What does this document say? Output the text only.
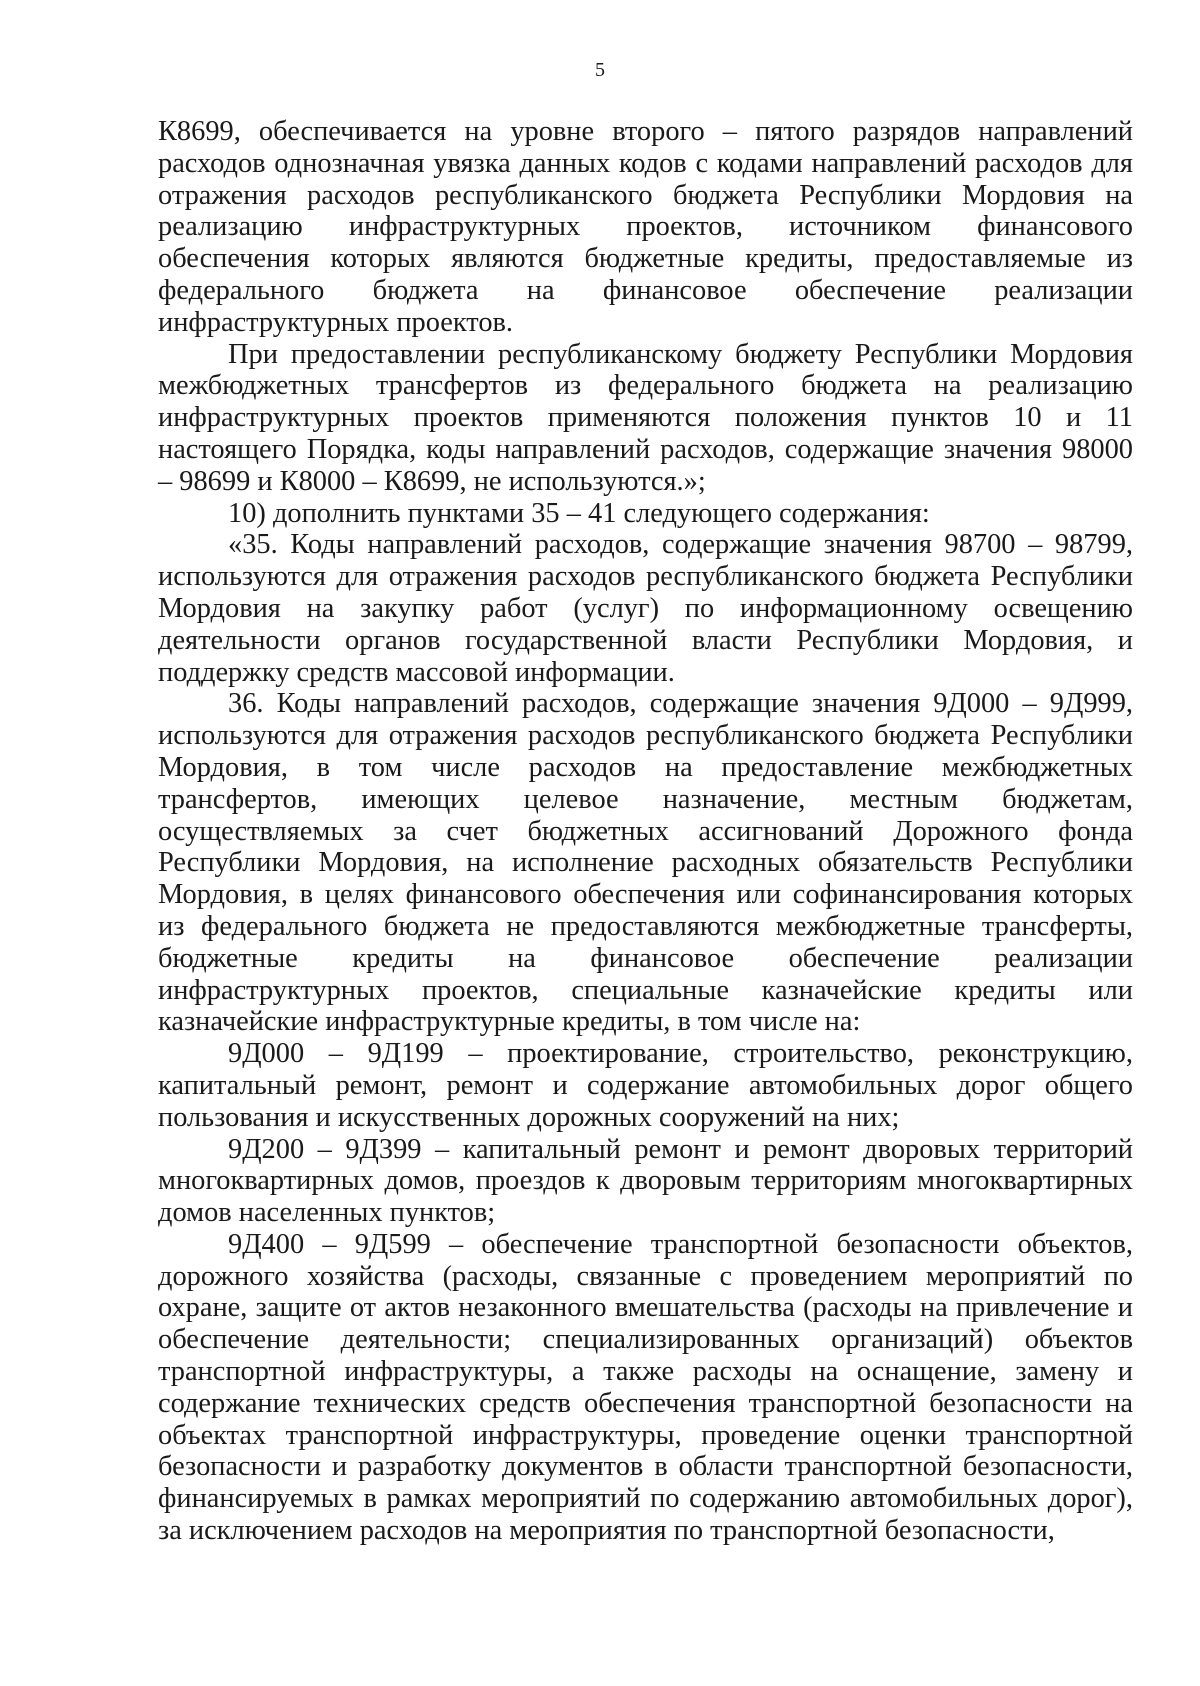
5

К8699, обеспечивается на уровне второго – пятого разрядов направлений расходов однозначная увязка данных кодов с кодами направлений расходов для отражения расходов республиканского бюджета Республики Мордовия на реализацию инфраструктурных проектов, источником финансового обеспечения которых являются бюджетные кредиты, предоставляемые из федерального бюджета на финансовое обеспечение реализации инфраструктурных проектов.

При предоставлении республиканскому бюджету Республики Мордовия межбюджетных трансфертов из федерального бюджета на реализацию инфраструктурных проектов применяются положения пунктов 10 и 11 настоящего Порядка, коды направлений расходов, содержащие значения 98000 – 98699 и К8000 – К8699, не используются.»;

10) дополнить пунктами 35 – 41 следующего содержания:

«35. Коды направлений расходов, содержащие значения 98700 – 98799, используются для отражения расходов республиканского бюджета Республики Мордовия на закупку работ (услуг) по информационному освещению деятельности органов государственной власти Республики Мордовия, и поддержку средств массовой информации.

36. Коды направлений расходов, содержащие значения 9Д000 – 9Д999, используются для отражения расходов республиканского бюджета Республики Мордовия, в том числе расходов на предоставление межбюджетных трансфертов, имеющих целевое назначение, местным бюджетам, осуществляемых за счет бюджетных ассигнований Дорожного фонда Республики Мордовия, на исполнение расходных обязательств Республики Мордовия, в целях финансового обеспечения или софинансирования которых из федерального бюджета не предоставляются межбюджетные трансферты, бюджетные кредиты на финансовое обеспечение реализации инфраструктурных проектов, специальные казначейские кредиты или казначейские инфраструктурные кредиты, в том числе на:

9Д000 – 9Д199 – проектирование, строительство, реконструкцию, капитальный ремонт, ремонт и содержание автомобильных дорог общего пользования и искусственных дорожных сооружений на них;

9Д200 – 9Д399 – капитальный ремонт и ремонт дворовых территорий многоквартирных домов, проездов к дворовым территориям многоквартирных домов населенных пунктов;

9Д400 – 9Д599 – обеспечение транспортной безопасности объектов, дорожного хозяйства (расходы, связанные с проведением мероприятий по охране, защите от актов незаконного вмешательства (расходы на привлечение и обеспечение деятельности; специализированных организаций) объектов транспортной инфраструктуры, а также расходы на оснащение, замену и содержание технических средств обеспечения транспортной безопасности на объектах транспортной инфраструктуры, проведение оценки транспортной безопасности и разработку документов в области транспортной безопасности, финансируемых в рамках мероприятий по содержанию автомобильных дорог), за исключением расходов на мероприятия по транспортной безопасности,
